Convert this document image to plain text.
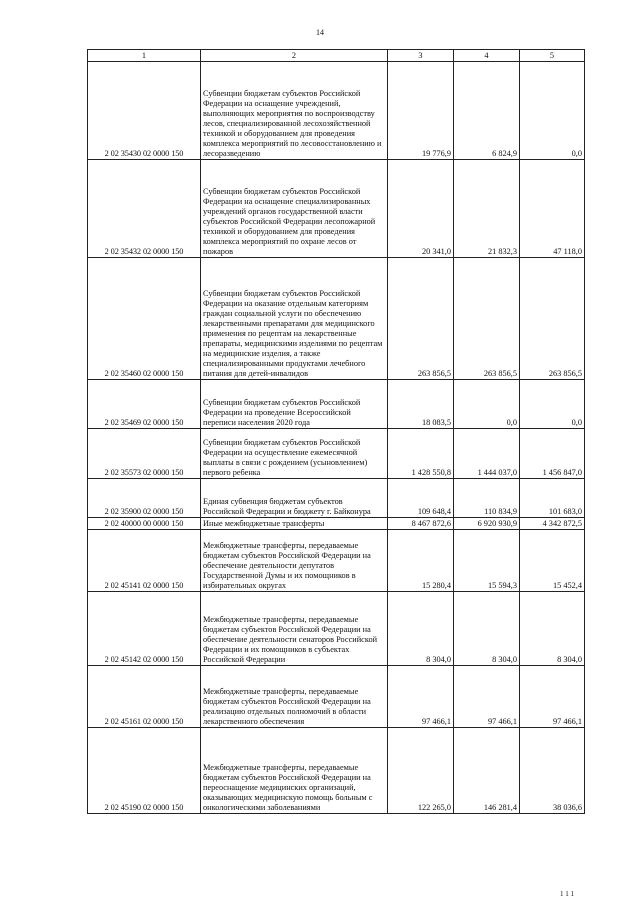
14
1	2	3	4	5
2 02 35430 02 0000 150	Субвенции бюджетам субъектов Российской Федерации на оснащение учреждений, выполняющих мероприятия по воспроизводству лесов, специализированной лесохозяйственной техникой и оборудованием для проведения комплекса мероприятий по лесовосстановлению и лесоразведению	19 776,9	6 824,9	0,0
2 02 35432 02 0000 150	Субвенции бюджетам субъектов Российской Федерации на оснащение специализированных учреждений органов государственной власти субъектов Российской Федерации лесопожарной техникой и оборудованием для проведения комплекса мероприятий по охране лесов от пожаров	20 341,0	21 832,3	47 118,0
2 02 35460 02 0000 150	Субвенции бюджетам субъектов Российской Федерации на оказание отдельным категориям граждан социальной услуги по обеспечению лекарственными препаратами для медицинского применения по рецептам на лекарственные препараты, медицинскими изделиями по рецептам на медицинские изделия, а также специализированными продуктами лечебного питания для детей-инвалидов	263 856,5	263 856,5	263 856,5
2 02 35469 02 0000 150	Субвенции бюджетам субъектов Российской Федерации на проведение Всероссийской переписи населения 2020 года	18 083,5	0,0	0,0
2 02 35573 02 0000 150	Субвенции бюджетам субъектов Российской Федерации на осуществление ежемесячной выплаты в связи с рождением (усыновлением) первого ребенка	1 428 550,8	1 444 037,0	1 456 847,0
2 02 35900 02 0000 150	Единая субвенция бюджетам субъектов Российской Федерации и бюджету г. Байконура	109 648,4	110 834,9	101 683,0
2 02 40000 00 0000 150	Иные межбюджетные трансферты	8 467 872,6	6 920 930,9	4 342 872,5
2 02 45141 02 0000 150	Межбюджетные трансферты, передаваемые бюджетам субъектов Российской Федерации на обеспечение деятельности депутатов Государственной Думы и их помощников в избирательных округах	15 280,4	15 594,3	15 452,4
2 02 45142 02 0000 150	Межбюджетные трансферты, передаваемые бюджетам субъектов Российской Федерации на обеспечение деятельности сенаторов Российской Федерации и их помощников в субъектах Российской Федерации	8 304,0	8 304,0	8 304,0
2 02 45161 02 0000 150	Межбюджетные трансферты, передаваемые бюджетам субъектов Российской Федерации на реализацию отдельных полномочий в области лекарственного обеспечения	97 466,1	97 466,1	97 466,1
2 02 45190 02 0000 150	Межбюджетные трансферты, передаваемые бюджетам субъектов Российской Федерации на переоснащение медицинских организаций, оказывающих медицинскую помощь больным с онкологическими заболеваниями	122 265,0	146 281,4	38 036,6
111
